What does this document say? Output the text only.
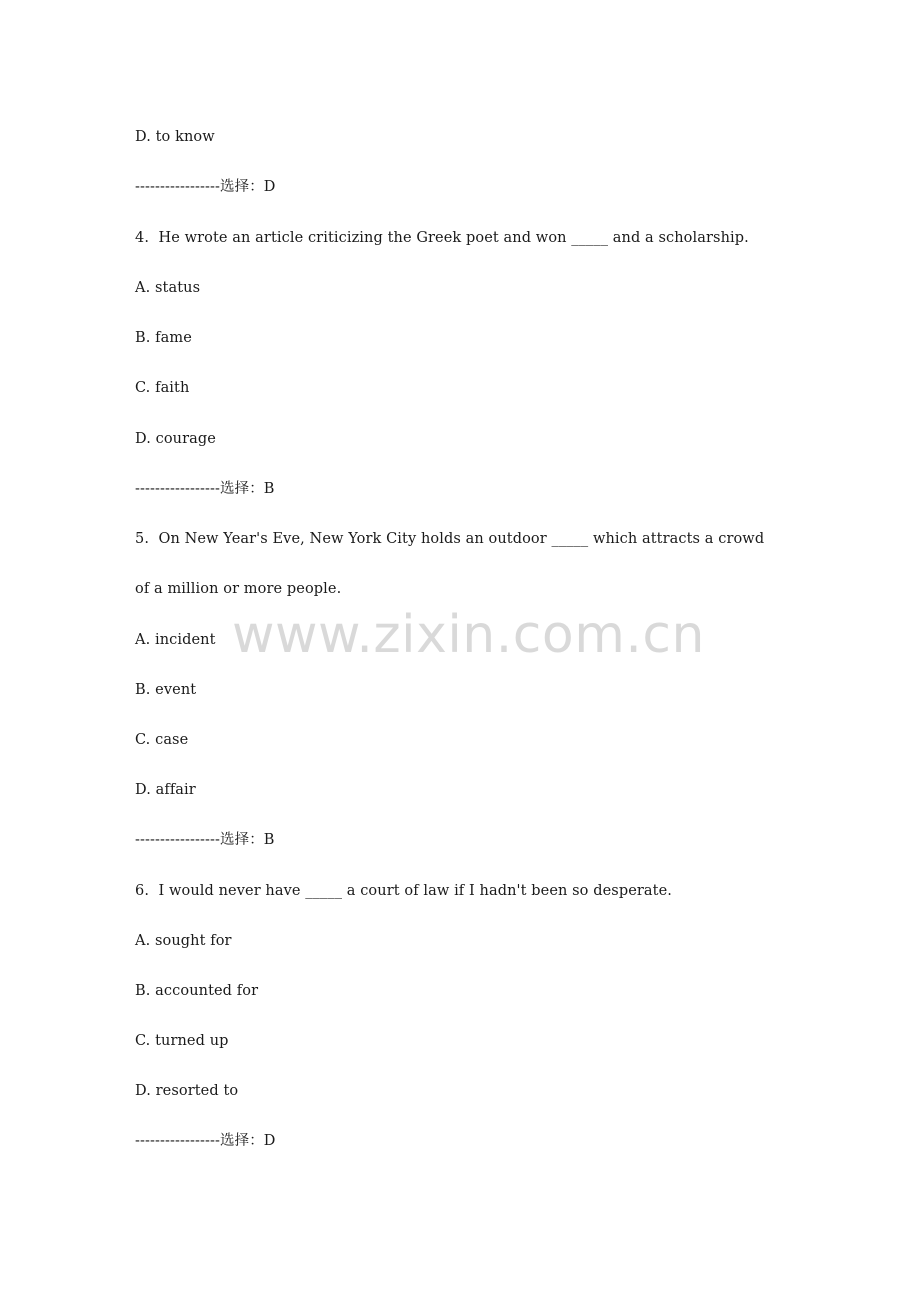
www.zixin.com.cn
D. to know
-----------------选择：D
4.  He wrote an article criticizing the Greek poet and won _____ and a scholarship.
A. status
B. fame
C. faith
D. courage
-----------------选择：B
5.  On New Year's Eve, New York City holds an outdoor _____ which attracts a crowd
of a million or more people.
A. incident
B. event
C. case
D. affair
-----------------选择：B
6.  I would never have _____ a court of law if I hadn't been so desperate.
A. sought for
B. accounted for
C. turned up
D. resorted to
-----------------选择：D
